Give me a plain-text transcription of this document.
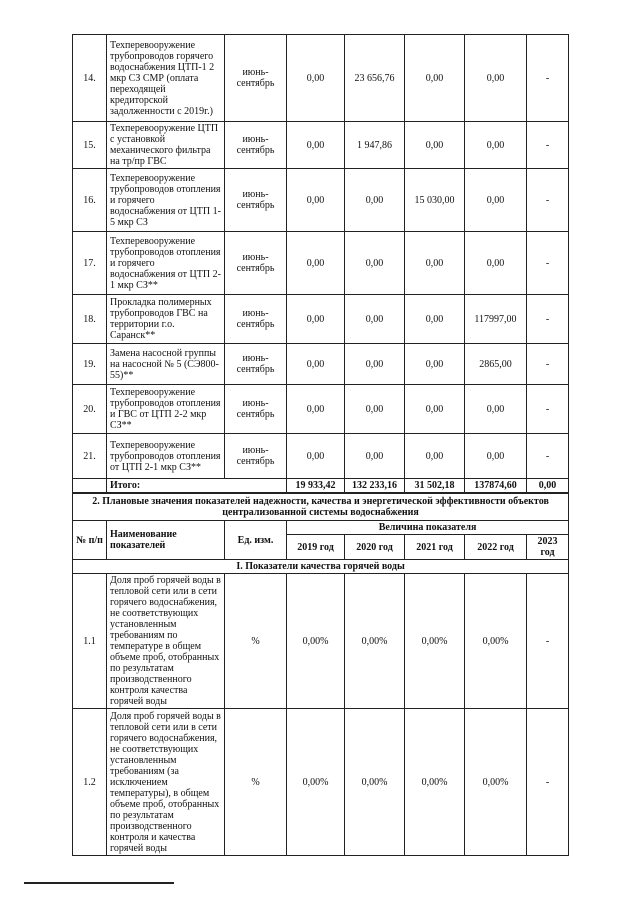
14.	Техперевооружение трубопроводов горячего водоснабжения ЦТП-1 2 мкр СЗ СМР (оплата переходящей кредиторской задолженности с 2019г.)	июнь-сентябрь	0,00	23 656,76	0,00	0,00	-
15.	Техперевооружение ЦТП с установкой механического фильтра на тр/пр ГВС	июнь-сентябрь	0,00	1 947,86	0,00	0,00	-
16.	Техперевооружение трубопроводов отопления и горячего водоснабжения от ЦТП 1-5 мкр СЗ	июнь-сентябрь	0,00	0,00	15 030,00	0,00	-
17.	Техперевооружение трубопроводов отопления и горячего водоснабжения от ЦТП 2-1 мкр СЗ**	июнь-сентябрь	0,00	0,00	0,00	0,00	-
18.	Прокладка полимерных трубопроводов ГВС на территории г.о. Саранск**	июнь-сентябрь	0,00	0,00	0,00	117997,00	-
19.	Замена насосной группы на насосной № 5 (СЭ800-55)**	июнь-сентябрь	0,00	0,00	0,00	2865,00	-
20.	Техперевооружение трубопроводов отопления и ГВС от ЦТП 2-2 мкр СЗ**	июнь-сентябрь	0,00	0,00	0,00	0,00	-
21.	Техперевооружение трубопроводов отопления от ЦТП 2-1 мкр СЗ**	июнь-сентябрь	0,00	0,00	0,00	0,00	-
	Итого:		19 933,42	132 233,16	31 502,18	137874,60	0,00
2. Плановые значения показателей надежности, качества и энергетической эффективности объектов централизованной системы водоснабжения							
№ п/п	Наименование показателей	Ед. изм.	Величина показателя				
			2019 год	2020 год	2021 год	2022 год	2023 год
I. Показатели качества горячей воды							
1.1	Доля проб горячей воды в тепловой сети или в сети горячего водоснабжения, не соответствующих установленным требованиям по температуре в общем объеме проб, отобранных по результатам производственного контроля качества горячей воды	%	0,00%	0,00%	0,00%	0,00%	-
1.2	Доля проб горячей воды в тепловой сети или в сети горячего водоснабжения, не соответствующих установленным требованиям (за исключением температуры), в общем объеме проб, отобранных по результатам производственного контроля и качества горячей воды	%	0,00%	0,00%	0,00%	0,00%	-
